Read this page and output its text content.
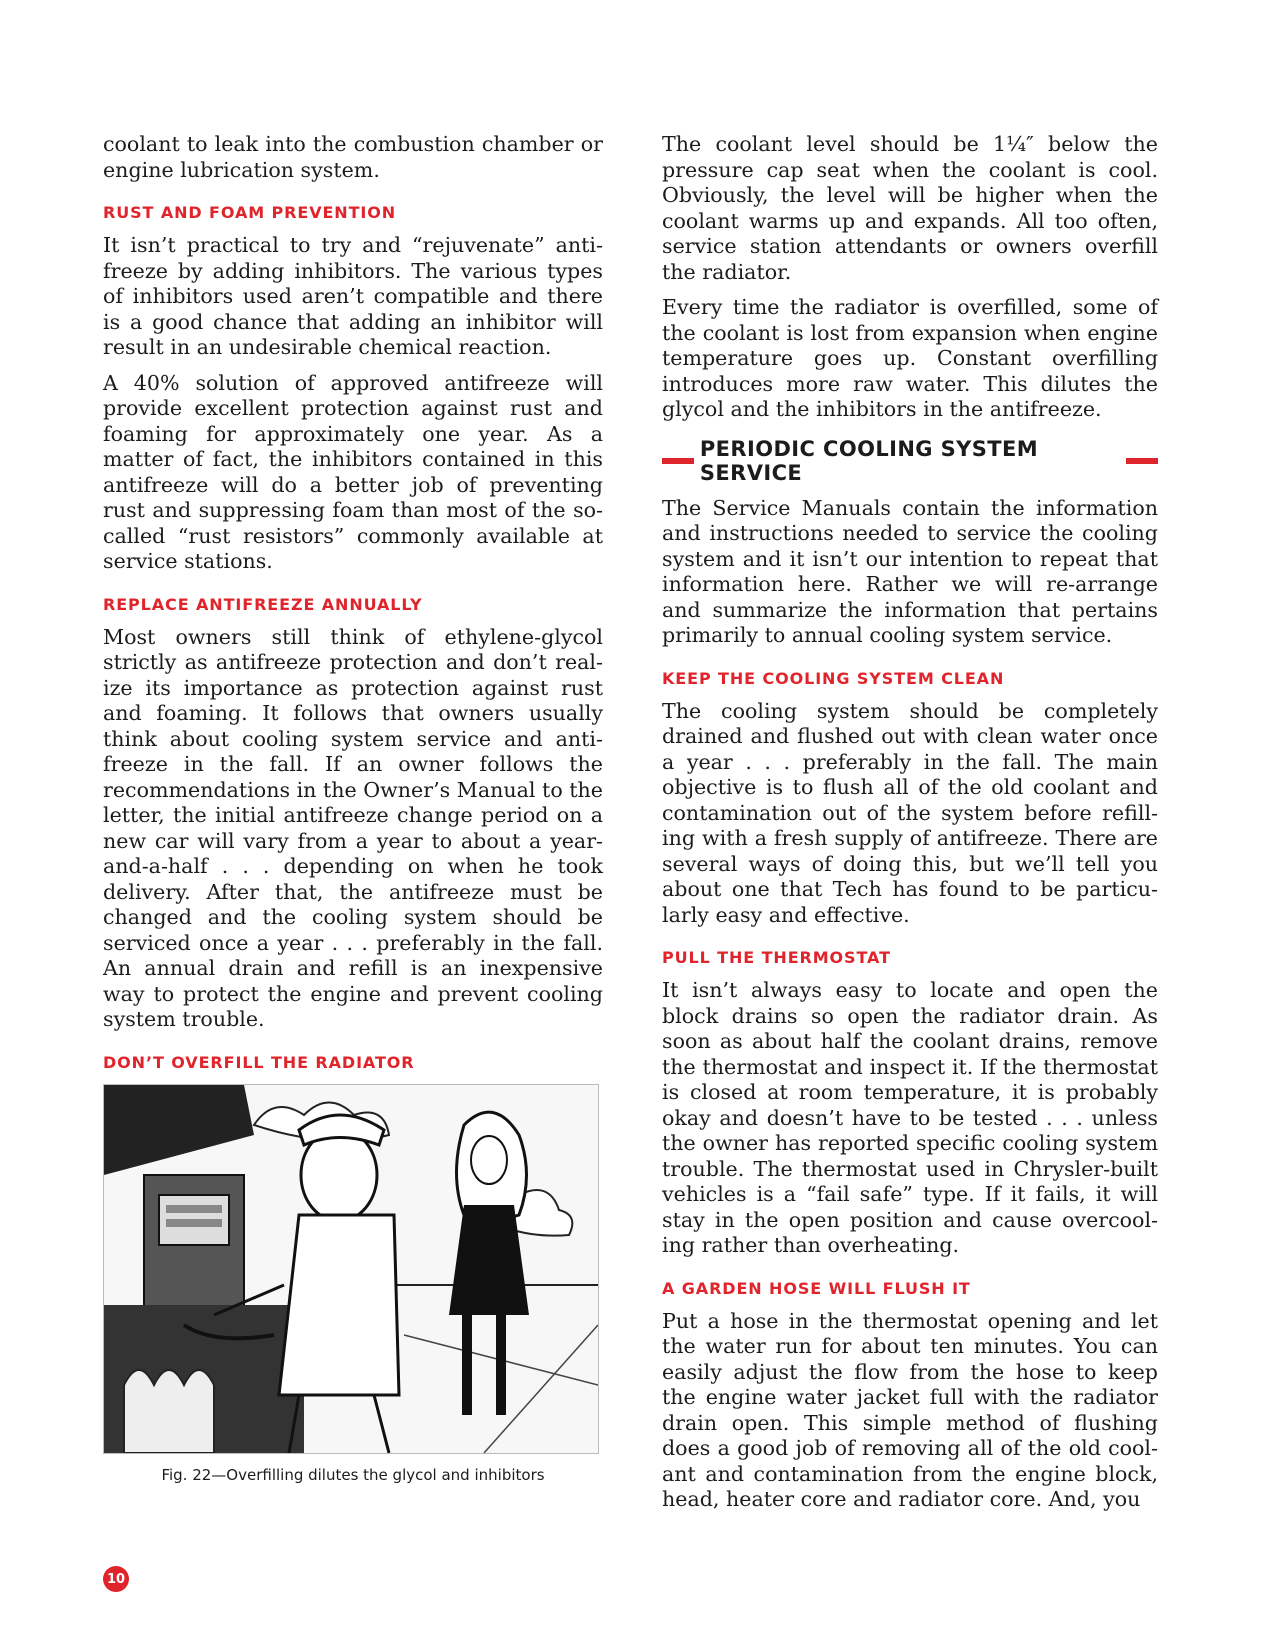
coolant to leak into the combustion chamber or engine lubrication system.

RUST AND FOAM PREVENTION

It isn’t practical to try and “rejuvenate” antifreeze by adding inhibitors. The various types of inhibitors used aren’t compatible and there is a good chance that adding an inhibitor will result in an undesirable chemical reaction.

A 40% solution of approved antifreeze will provide excellent protection against rust and foaming for approximately one year. As a matter of fact, the inhibitors contained in this antifreeze will do a better job of preventing rust and suppressing foam than most of the so-called “rust resistors” commonly available at service stations.

REPLACE ANTIFREEZE ANNUALLY

Most owners still think of ethylene-glycol strictly as antifreeze protection and don’t realize its importance as protection against rust and foaming. It follows that owners usually think about cooling system service and antifreeze in the fall. If an owner follows the recommendations in the Owner’s Manual to the letter, the initial antifreeze change period on a new car will vary from a year to about a year-and-a-half . . . depending on when he took delivery. After that, the antifreeze must be changed and the cooling system should be serviced once a year . . . preferably in the fall. An annual drain and refill is an inexpensive way to protect the engine and prevent cooling system trouble.

DON’T OVERFILL THE RADIATOR
Fig. 22—Overfilling dilutes the glycol and inhibitors

The coolant level should be 1¼″ below the pressure cap seat when the coolant is cool. Obviously, the level will be higher when the coolant warms up and expands. All too often, service station attendants or owners overfill the radiator.

Every time the radiator is overfilled, some of the coolant is lost from expansion when engine temperature goes up. Constant overfilling introduces more raw water. This dilutes the glycol and the inhibitors in the antifreeze.

PERIODIC COOLING SYSTEM SERVICE

The Service Manuals contain the information and instructions needed to service the cooling system and it isn’t our intention to repeat that information here. Rather we will re-arrange and summarize the information that pertains primarily to annual cooling system service.

KEEP THE COOLING SYSTEM CLEAN

The cooling system should be completely drained and flushed out with clean water once a year . . . preferably in the fall. The main objective is to flush all of the old coolant and contamination out of the system before refilling with a fresh supply of antifreeze. There are several ways of doing this, but we’ll tell you about one that Tech has found to be particularly easy and effective.

PULL THE THERMOSTAT

It isn’t always easy to locate and open the block drains so open the radiator drain. As soon as about half the coolant drains, remove the thermostat and inspect it. If the thermostat is closed at room temperature, it is probably okay and doesn’t have to be tested . . . unless the owner has reported specific cooling system trouble. The thermostat used in Chrysler-built vehicles is a “fail safe” type. If it fails, it will stay in the open position and cause overcooling rather than overheating.

A GARDEN HOSE WILL FLUSH IT

Put a hose in the thermostat opening and let the water run for about ten minutes. You can easily adjust the flow from the hose to keep the engine water jacket full with the radiator drain open. This simple method of flushing does a good job of removing all of the old coolant and contamination from the engine block, head, heater core and radiator core. And, you

10
